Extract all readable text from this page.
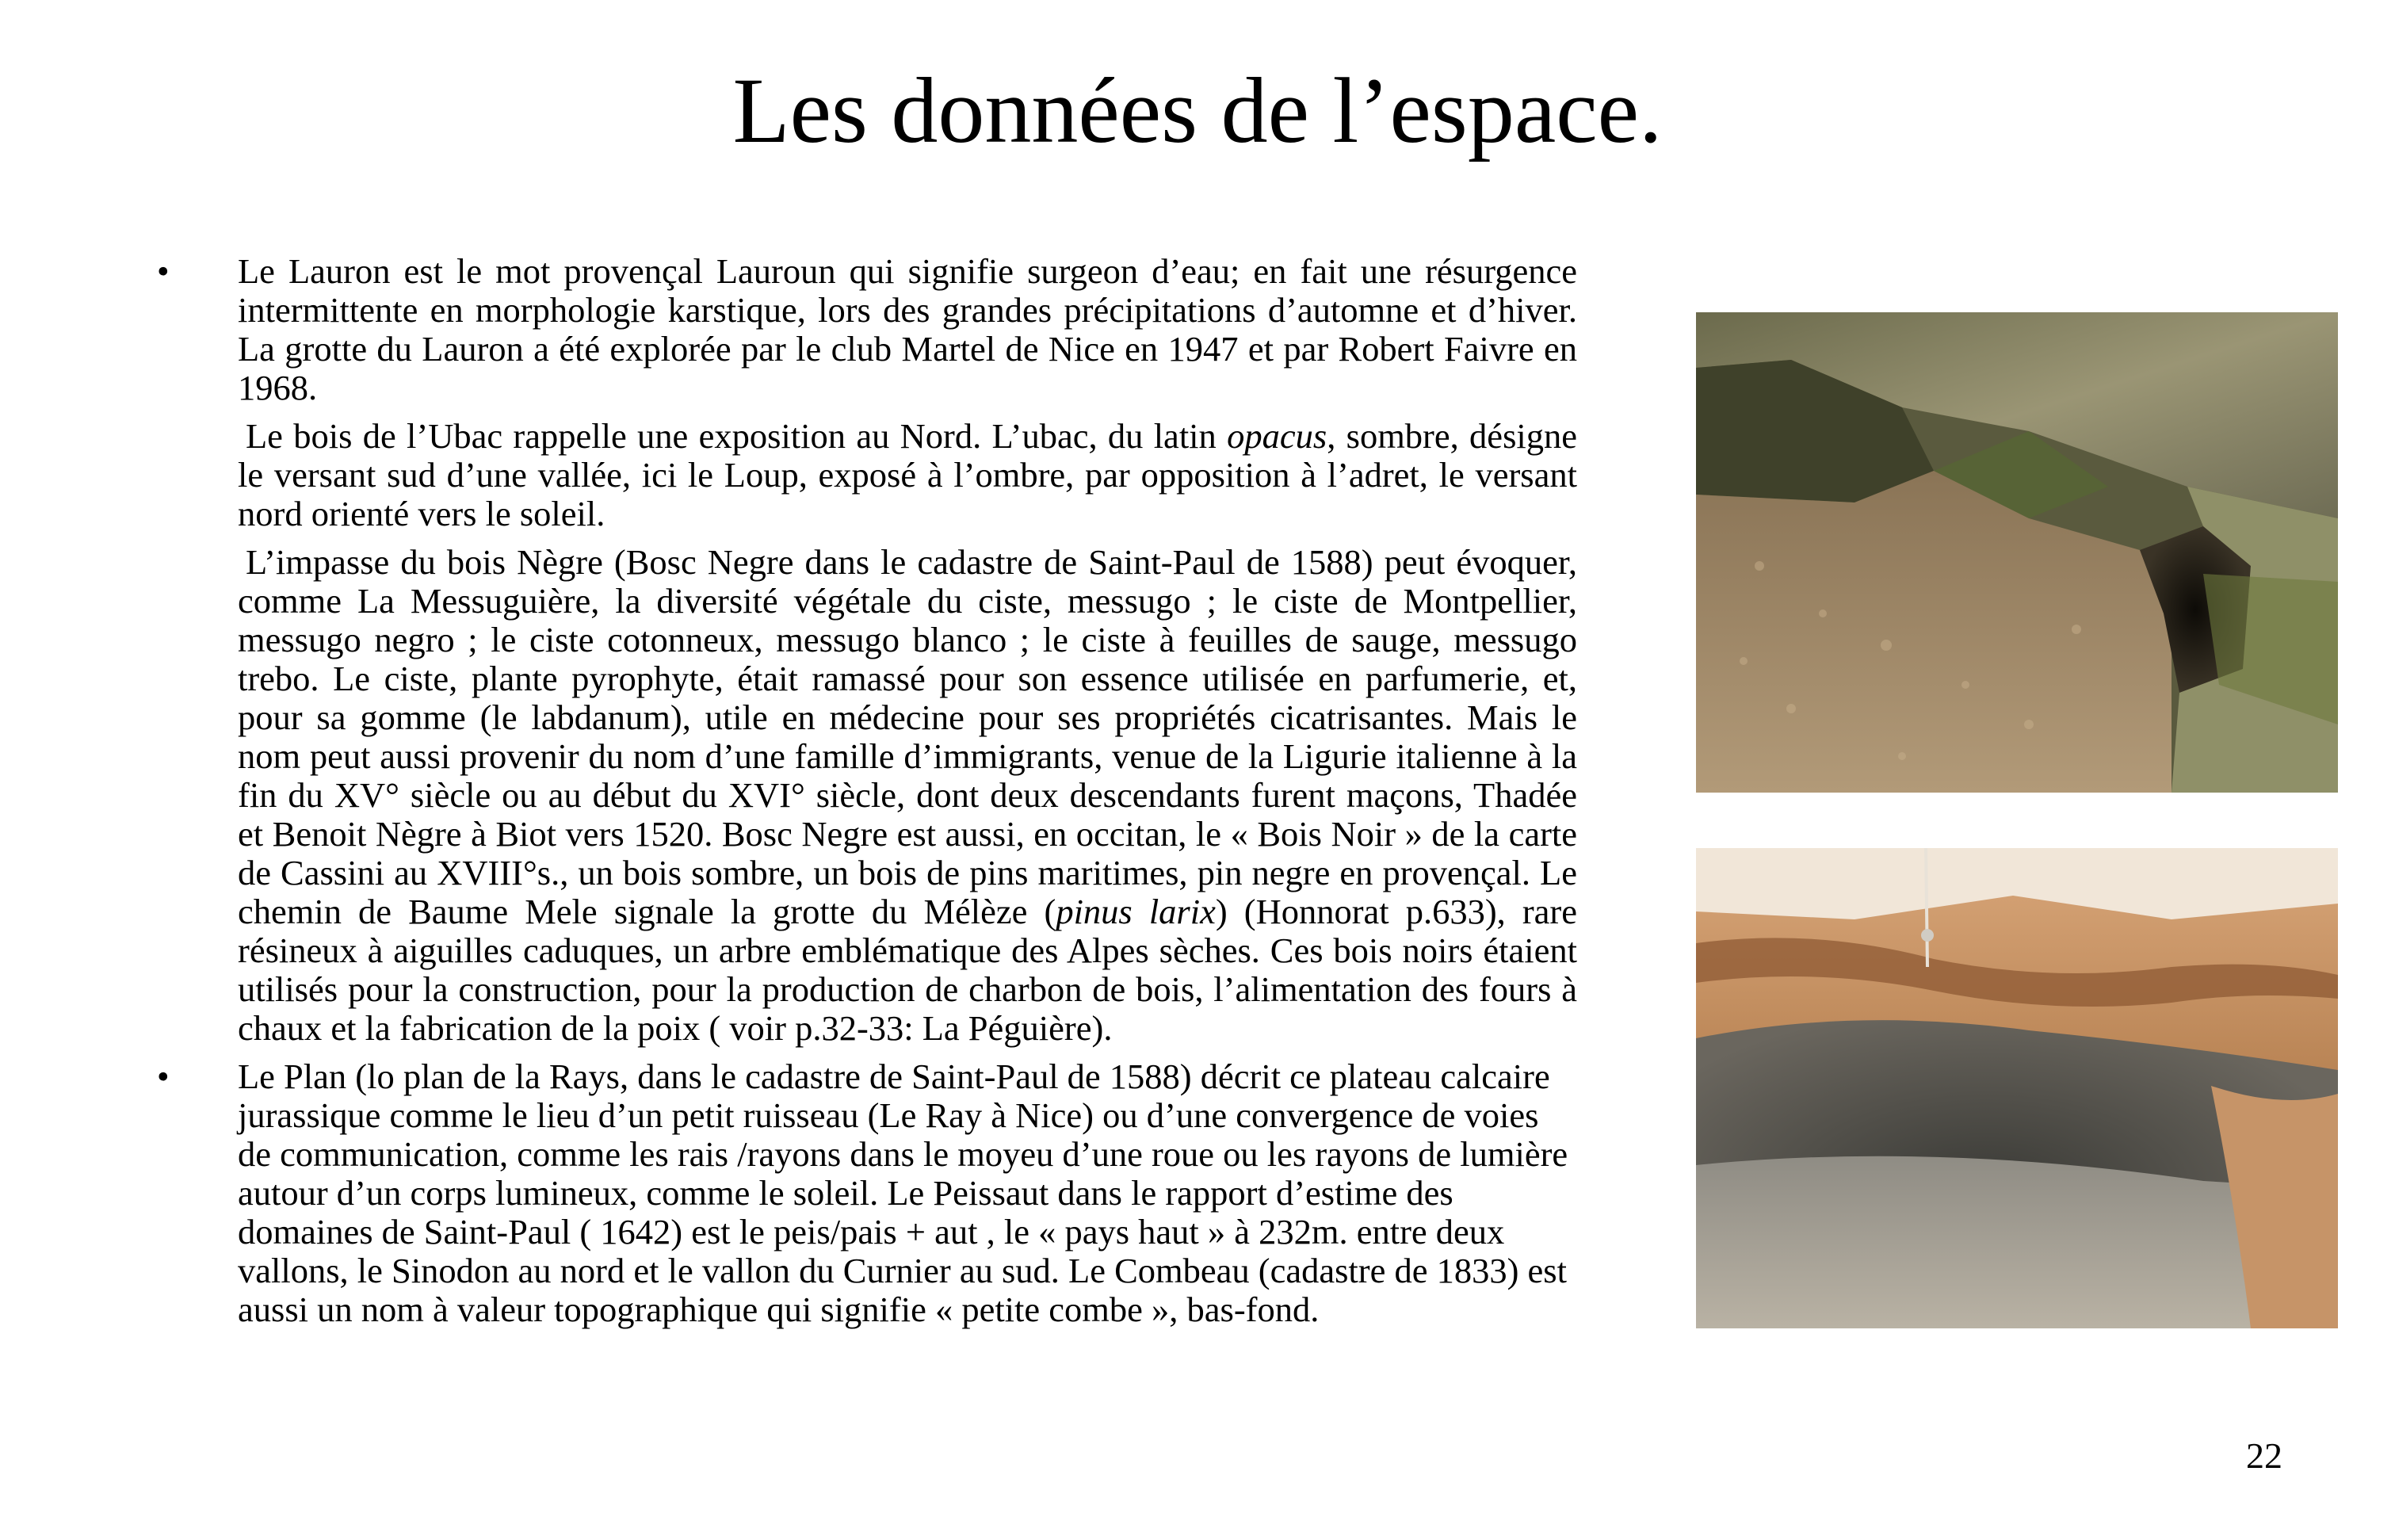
Les données de l’espace.
• Le Lauron est le mot provençal Lauroun qui signifie surgeon d’eau; en fait une résurgence intermittente en morphologie karstique, lors des grandes précipitations d’automne et d’hiver. La grotte du Lauron a été explorée par le club Martel de Nice en 1947 et par Robert Faivre en 1968.
Le bois de l’Ubac rappelle une exposition au Nord. L’ubac, du latin opacus, sombre, désigne le versant sud d’une vallée, ici le Loup, exposé à l’ombre, par opposition à l’adret, le versant nord orienté vers le soleil.
L’impasse du bois Nègre (Bosc Negre dans le cadastre de Saint-Paul de 1588) peut évoquer, comme La Messuguière, la diversité végétale du ciste, messugo ; le ciste de Montpellier, messugo negro ; le ciste cotonneux, messugo blanco ; le ciste à feuilles de sauge, messugo trebo. Le ciste, plante pyrophyte, était ramassé pour son essence utilisée en parfumerie, et, pour sa gomme (le labdanum), utile en médecine pour ses propriétés cicatrisantes. Mais le nom peut aussi provenir du nom d’une famille d’immigrants, venue de la Ligurie italienne à la fin du XV° siècle ou au début du XVI° siècle, dont deux descendants furent maçons, Thadée et Benoit Nègre à Biot vers 1520. Bosc Negre est aussi, en occitan, le « Bois Noir » de la carte de Cassini au XVIII°s., un bois sombre, un bois de pins maritimes, pin negre en provençal. Le chemin de Baume Mele signale la grotte du Mélèze (pinus larix) (Honnorat p.633), rare résineux à aiguilles caduques, un arbre emblématique des Alpes sèches. Ces bois noirs étaient utilisés pour la construction, pour la production de charbon de bois, l’alimentation des fours à chaux et la fabrication de la poix ( voir p.32-33: La Péguière).
• Le Plan (lo plan de la Rays, dans le cadastre de Saint-Paul de 1588) décrit ce plateau calcaire jurassique comme le lieu d’un petit ruisseau (Le Ray à Nice) ou d’une convergence de voies de communication, comme les rais /rayons dans le moyeu d’une roue ou les rayons de lumière autour d’un corps lumineux, comme le soleil. Le Peissaut dans le rapport d’estime des domaines de Saint-Paul ( 1642) est le peis/pais + aut , le « pays haut » à 232m. entre deux vallons, le Sinodon au nord et le vallon du Curnier au sud. Le Combeau (cadastre de 1833) est aussi un nom à valeur topographique qui signifie « petite combe », bas-fond.
22
